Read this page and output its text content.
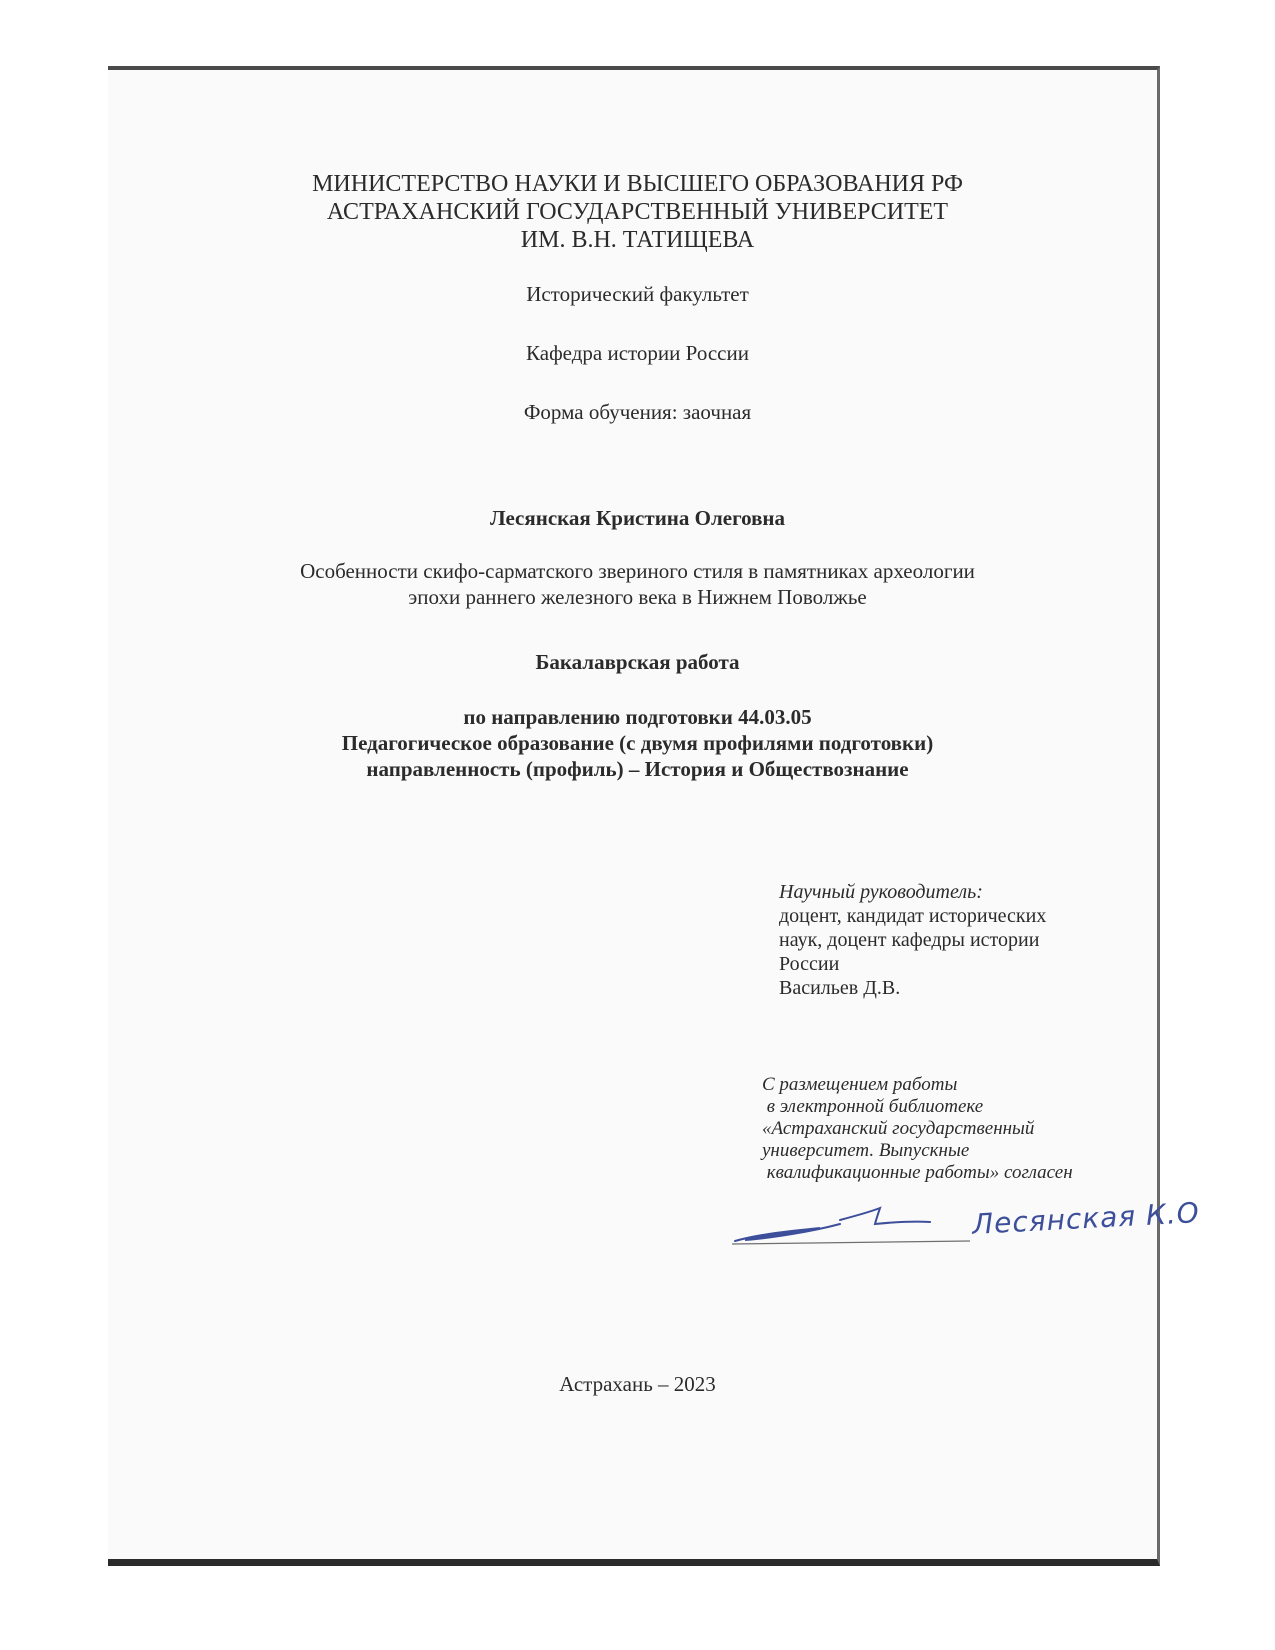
МИНИСТЕРСТВО НАУКИ И ВЫСШЕГО ОБРАЗОВАНИЯ РФ
АСТРАХАНСКИЙ ГОСУДАРСТВЕННЫЙ УНИВЕРСИТЕТ
ИМ. В.Н. ТАТИЩЕВА

Исторический факультет

Кафедра истории России

Форма обучения: заочная

Лесянская Кристина Олеговна

Особенности скифо-сарматского звериного стиля в памятниках археологии
эпохи раннего железного века в Нижнем Поволжье

Бакалаврская работа

по направлению подготовки 44.03.05
Педагогическое образование (с двумя профилями подготовки)
направленность (профиль) – История и Обществознание
Научный руководитель:
доцент, кандидат исторических
наук, доцент кафедры истории
России
Васильев Д.В.
С размещением работы
в электронной библиотеке
«Астраханский государственный
университет. Выпускные
квалификационные работы» согласен
Лесянская К.О

Астрахань – 2023
